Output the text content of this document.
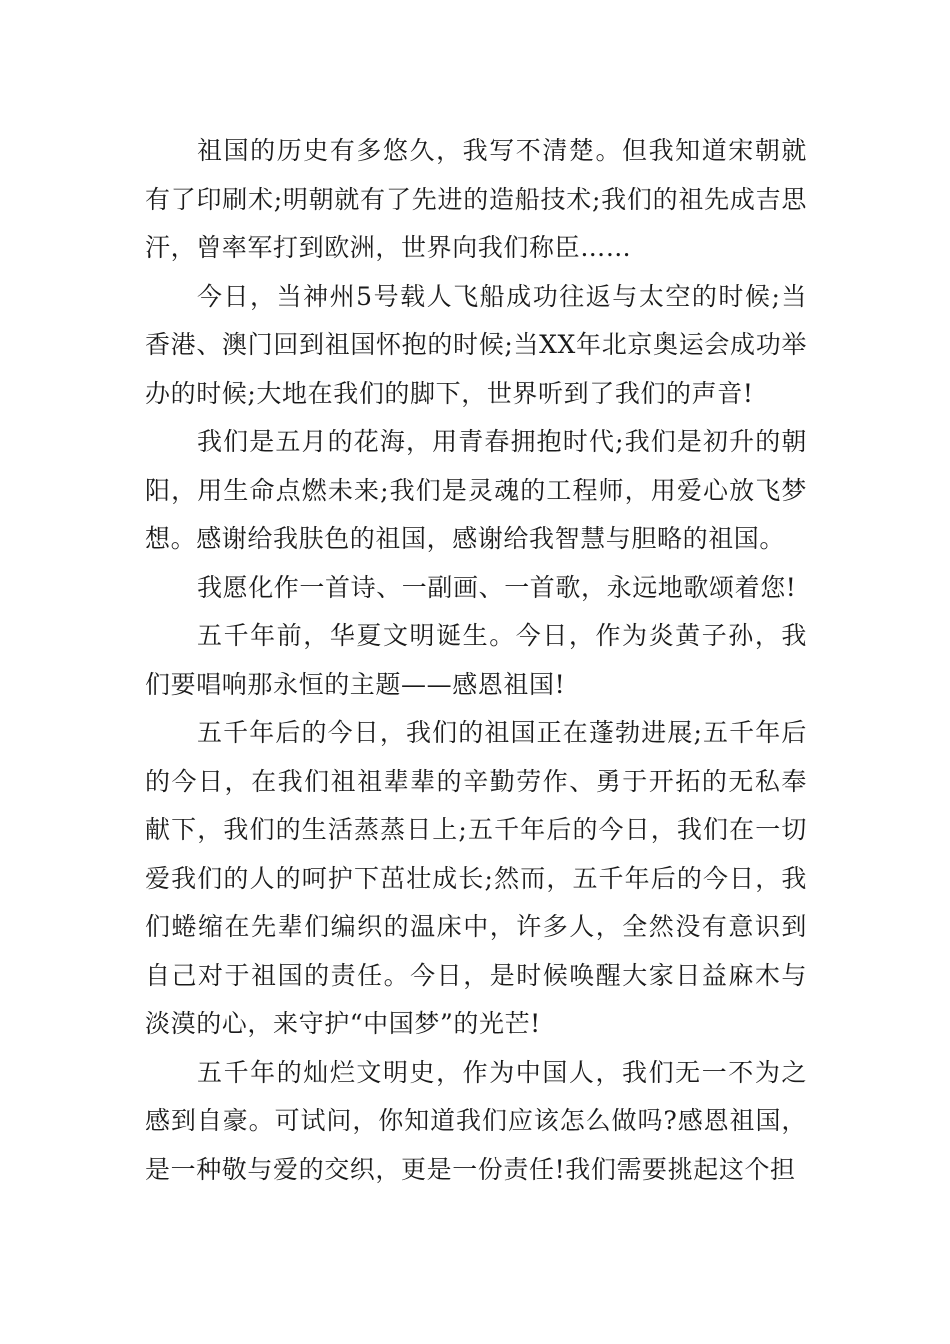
祖国的历史有多悠久，我写不清楚。但我知道宋朝就有了印刷术;明朝就有了先进的造船技术;我们的祖先成吉思汗，曾率军打到欧洲，世界向我们称臣……

今日，当神州5号载人飞船成功往返与太空的时候;当香港、澳门回到祖国怀抱的时候;当XX年北京奥运会成功举办的时候;大地在我们的脚下，世界听到了我们的声音!

我们是五月的花海，用青春拥抱时代;我们是初升的朝阳，用生命点燃未来;我们是灵魂的工程师，用爱心放飞梦想。感谢给我肤色的祖国，感谢给我智慧与胆略的祖国。

我愿化作一首诗、一副画、一首歌，永远地歌颂着您!

五千年前，华夏文明诞生。今日，作为炎黄子孙，我们要唱响那永恒的主题——感恩祖国!

五千年后的今日，我们的祖国正在蓬勃进展;五千年后的今日，在我们祖祖辈辈的辛勤劳作、勇于开拓的无私奉献下，我们的生活蒸蒸日上;五千年后的今日，我们在一切爱我们的人的呵护下茁壮成长;然而，五千年后的今日，我们蜷缩在先辈们编织的温床中，许多人，全然没有意识到自己对于祖国的责任。今日，是时候唤醒大家日益麻木与淡漠的心，来守护“中国梦”的光芒!

五千年的灿烂文明史，作为中国人，我们无一不为之感到自豪。可试问，你知道我们应该怎么做吗?感恩祖国，是一种敬与爱的交织，更是一份责任!我们需要挑起这个担
